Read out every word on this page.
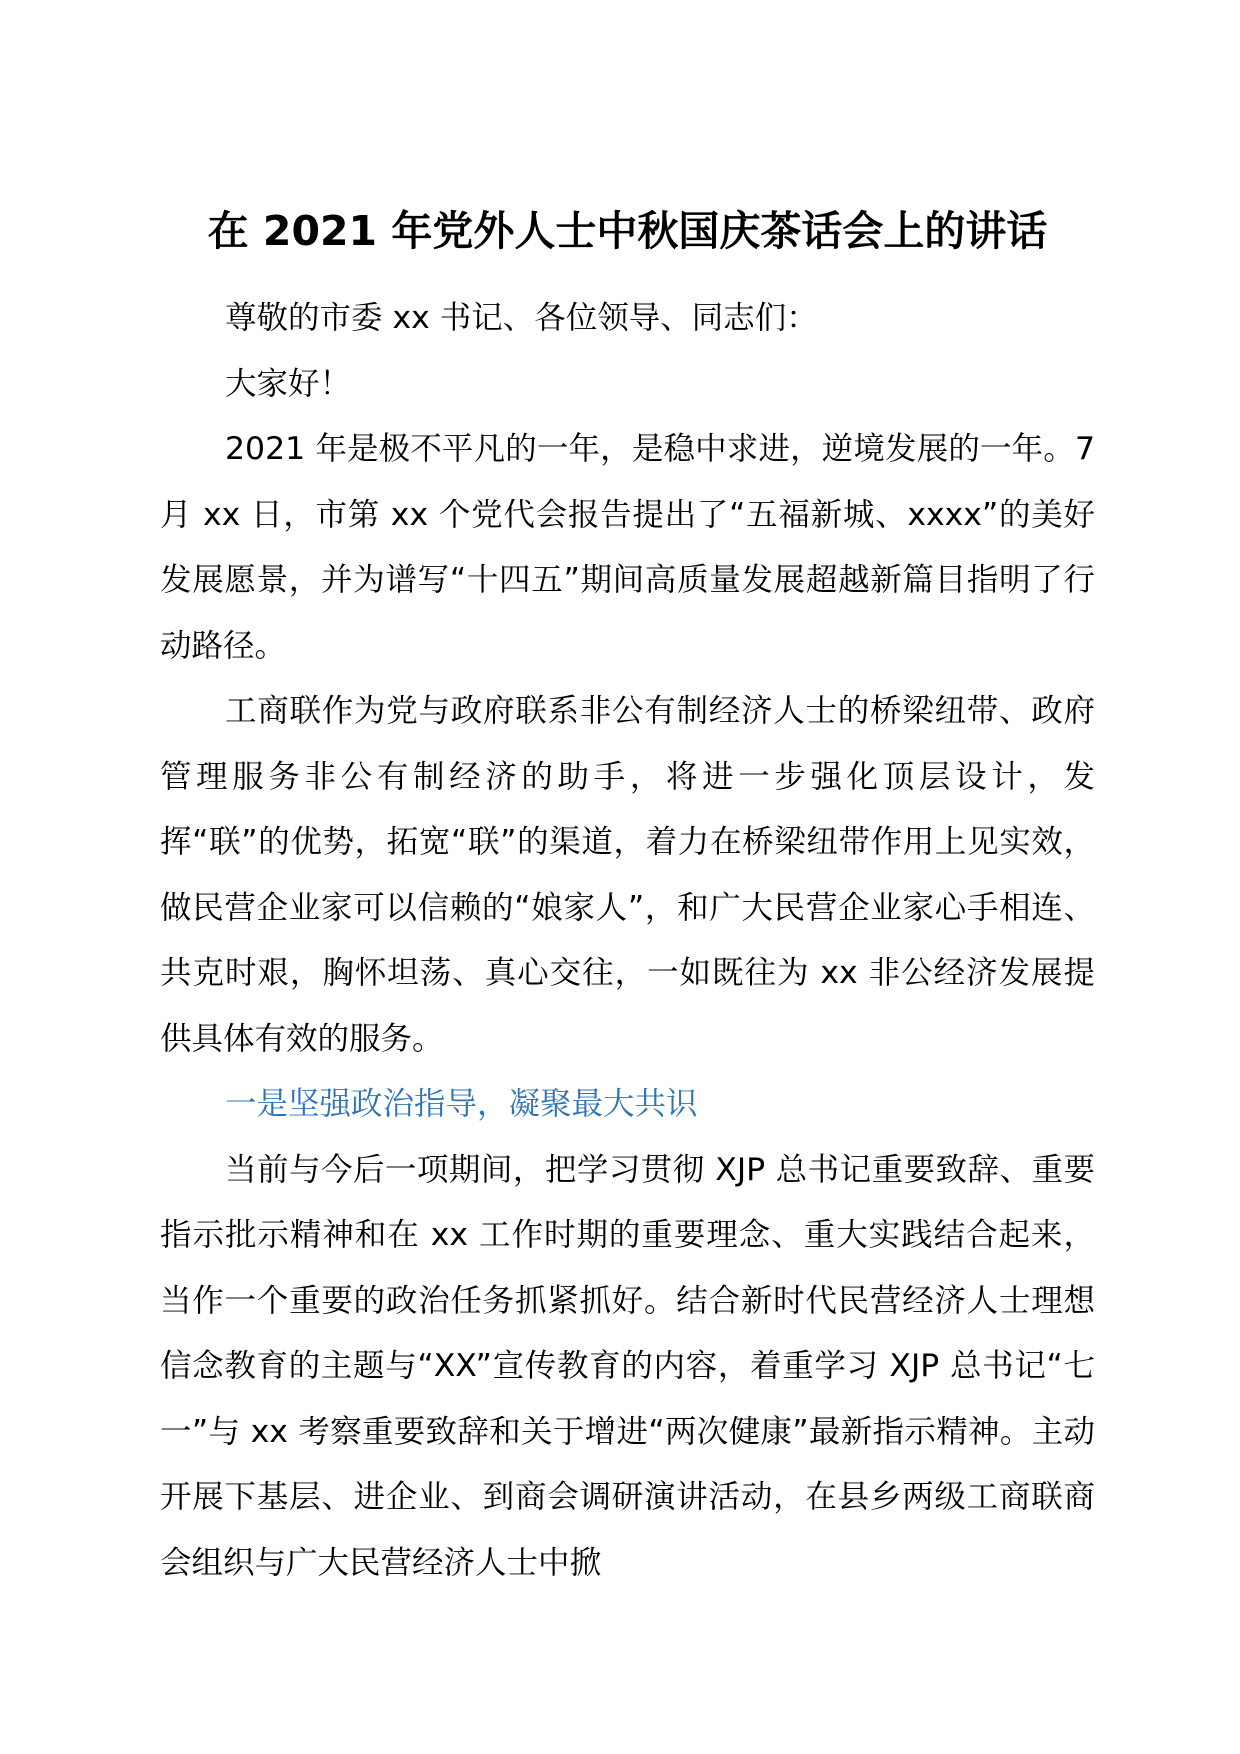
在 2021 年党外人士中秋国庆茶话会上的讲话

尊敬的市委 xx 书记、各位领导、同志们：

大家好！

2021 年是极不平凡的一年，是稳中求进，逆境发展的一年。7 月 xx 日，市第 xx 个党代会报告提出了“五福新城、xxxx”的美好发展愿景，并为谱写“十四五”期间高质量发展超越新篇目指明了行动路径。

工商联作为党与政府联系非公有制经济人士的桥梁纽带、政府管理服务非公有制经济的助手，将进一步强化顶层设计，发挥“联”的优势，拓宽“联”的渠道，着力在桥梁纽带作用上见实效，做民营企业家可以信赖的“娘家人”，和广大民营企业家心手相连、共克时艰，胸怀坦荡、真心交往，一如既往为 xx 非公经济发展提供具体有效的服务。

一是坚强政治指导，凝聚最大共识

当前与今后一项期间，把学习贯彻 XJP 总书记重要致辞、重要指示批示精神和在 xx 工作时期的重要理念、重大实践结合起来，当作一个重要的政治任务抓紧抓好。结合新时代民营经济人士理想信念教育的主题与“XX”宣传教育的内容，着重学习 XJP 总书记“七一”与 xx 考察重要致辞和关于增进“两次健康”最新指示精神。主动开展下基层、进企业、到商会调研演讲活动，在县乡两级工商联商会组织与广大民营经济人士中掀
